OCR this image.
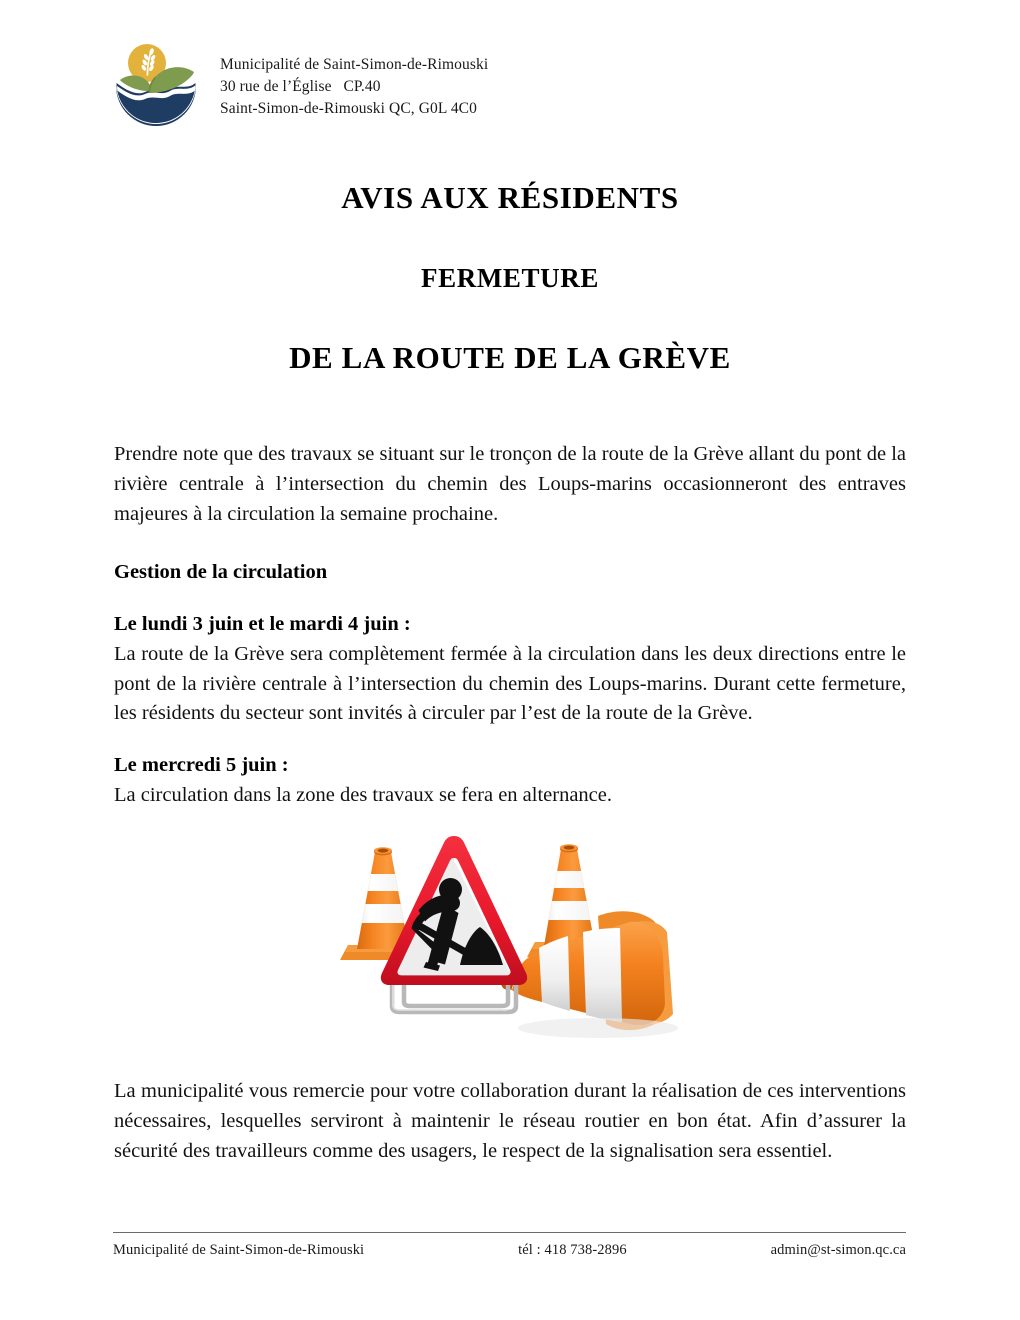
Municipalité de Saint-Simon-de-Rimouski
30 rue de l’Église   CP.40
Saint-Simon-de-Rimouski QC, G0L 4C0
AVIS AUX RÉSIDENTS
FERMETURE
DE LA ROUTE DE LA GRÈVE

Prendre note que des travaux se situant sur le tronçon de la route de la Grève allant du pont de la rivière centrale à l’intersection du chemin des Loups-marins occasionneront des entraves majeures à la circulation la semaine prochaine.

Gestion de la circulation
Le lundi 3 juin et le mardi 4 juin :

La route de la Grève sera complètement fermée à la circulation dans les deux directions entre le pont de la rivière centrale à l’intersection du chemin des Loups-marins. Durant cette fermeture, les résidents du secteur sont invités à circuler par l’est de la route de la Grève.

Le mercredi 5 juin :

La circulation dans la zone des travaux se fera en alternance.

La municipalité vous remercie pour votre collaboration durant la réalisation de ces interventions nécessaires, lesquelles serviront à maintenir le réseau routier en bon état. Afin d’assurer la sécurité des travailleurs comme des usagers, le respect de la signalisation sera essentiel.

Municipalité de Saint-Simon-de-Rimouski	tél : 418 738-2896	admin@st-simon.qc.ca
